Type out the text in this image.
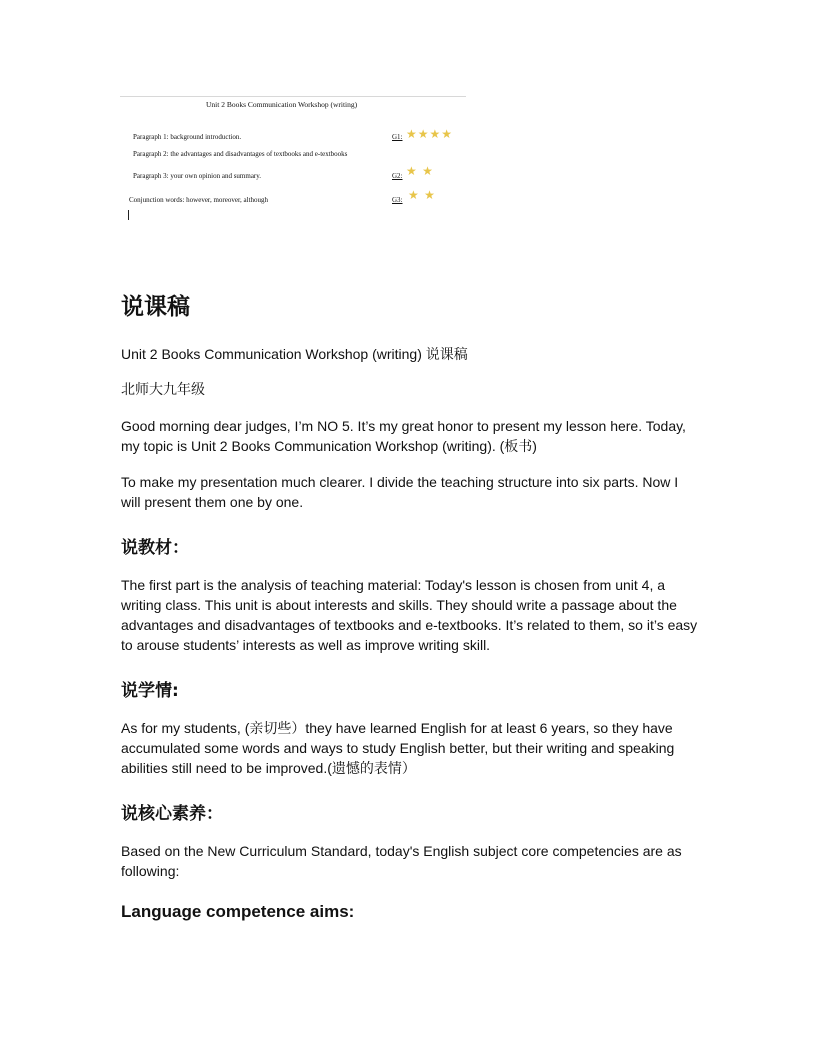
Unit 2 Books Communication Workshop (writing)
Paragraph 1: background introduction.	G1: ★★★★
Paragraph 2: the advantages and disadvantages of textbooks and e-textbooks
Paragraph 3: your own opinion and summary.	G2: ★ ★
Conjunction words: however, moreover, although	G3: ★ ★
说课稿
Unit 2 Books Communication Workshop (writing) 说课稿
北师大九年级
Good morning dear judges, I’m NO 5. It’s my great honor to present my lesson here. Today, my topic is Unit 2 Books Communication Workshop (writing). (板书)
To make my presentation much clearer. I divide the teaching structure into six parts. Now I will present them one by one.
说教材：
The first part is the analysis of teaching material: Today's lesson is chosen from unit 4, a writing class. This unit is about interests and skills. They should write a passage about the advantages and disadvantages of textbooks and e-textbooks. It’s related to them, so it’s easy to arouse students’ interests as well as improve writing skill.
说学情:
As for my students, (亲切些）they have learned English for at least 6 years, so they have accumulated some words and ways to study English better, but their writing and speaking abilities still need to be improved.(遗憾的表情）
说核心素养：
Based on the New Curriculum Standard, today's English subject core competencies are as following:
Language competence aims:
